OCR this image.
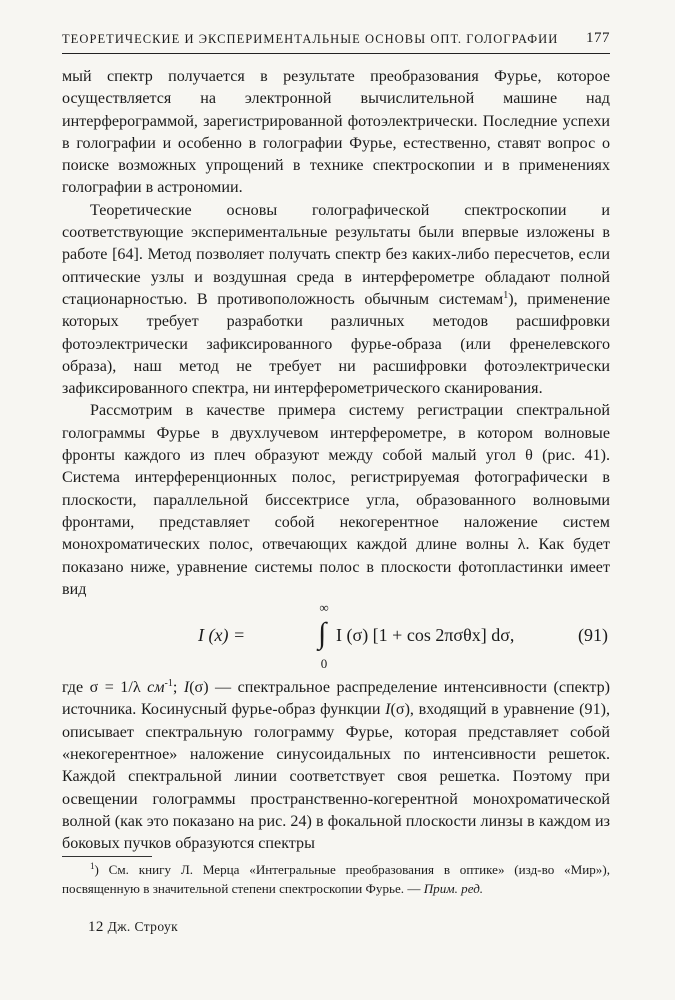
ТЕОРЕТИЧЕСКИЕ И ЭКСПЕРИМЕНТАЛЬНЫЕ ОСНОВЫ ОПТ. ГОЛОГРАФИИ 177

мый спектр получается в результате преобразования Фурье, которое осуществляется на электронной вычислительной машине над интерферограммой, зарегистрированной фотоэлектрически. Последние успехи в голографии и особенно в голографии Фурье, естественно, ставят вопрос о поиске возможных упрощений в технике спектроскопии и в применениях голографии в астрономии.

Теоретические основы голографической спектроскопии и соответствующие экспериментальные результаты были впервые изложены в работе [64]. Метод позволяет получать спектр без каких-либо пересчетов, если оптические узлы и воздушная среда в интерферометре обладают полной стационарностью. В противоположность обычным системам$^1$), применение которых требует разработки различных методов расшифровки фотоэлектрически зафиксированного фурье-образа (или френелевского образа), наш метод не требует ни расшифровки фотоэлектрически зафиксированного спектра, ни интерферометрического сканирования.

Рассмотрим в качестве примера систему регистрации спектральной голограммы Фурье в двухлучевом интерферометре, в котором волновые фронты каждого из плеч образуют между собой малый угол θ (рис. 41). Система интерференционных полос, регистрируемая фотографически в плоскости, параллельной биссектрисе угла, образованного волновыми фронтами, представляет собой некогерентное наложение систем монохроматических полос, отвечающих каждой длине волны λ. Как будет показано ниже, уравнение системы полос в плоскости фотопластинки имеет вид

I (x) =
∞
∫
0
I (σ) [1 + cos 2πσθx] dσ,	(91)

где σ = 1/λ $см^{-1}$; I(σ) — спектральное распределение интенсивности (спектр) источника. Косинусный фурье-образ функции I(σ), входящий в уравнение (91), описывает спектральную голограмму Фурье, которая представляет собой «некогерентное» наложение синусоидальных по интенсивности решеток. Каждой спектральной линии соответствует своя решетка. Поэтому при освещении голограммы пространственно-когерентной монохроматической волной (как это показано на рис. 24) в фокальной плоскости линзы в каждом из боковых пучков образуются спектры

$^1$) См. книгу Л. Мерца «Интегральные преобразования в оптике» (изд-во «Мир»), посвященную в значительной степени спектроскопии Фурье. — Прим. ред.

12 Дж. Строук
